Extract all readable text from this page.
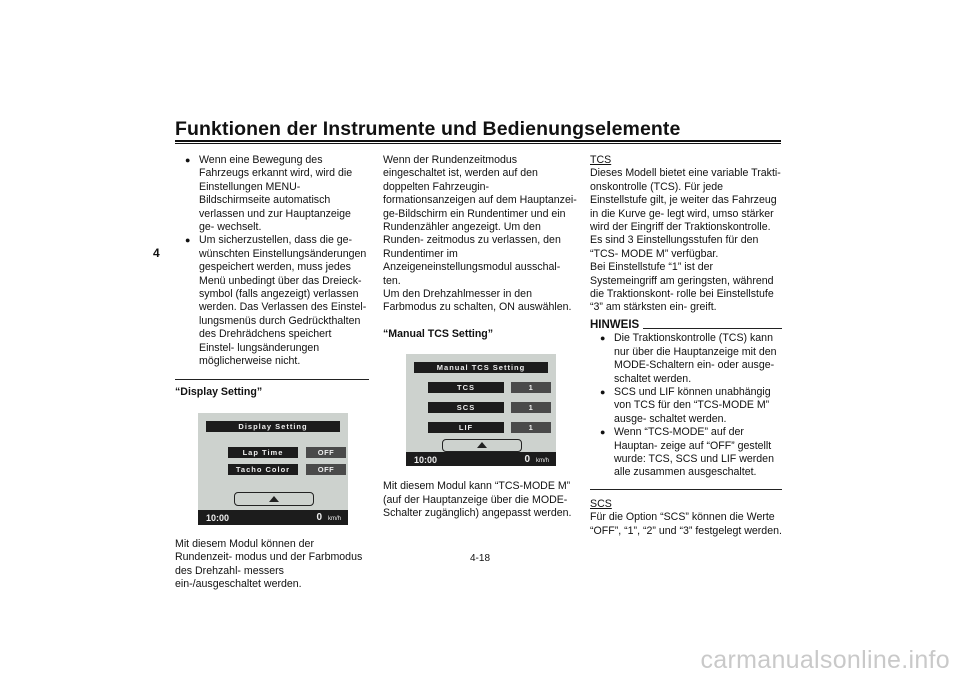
Funktionen der Instrumente und Bedienungselemente
4
● Wenn eine Bewegung des Fahrzeugs erkannt wird, wird die Einstellungen MENU-Bildschirmseite automatisch verlassen und zur Hauptanzeige ge- wechselt.
● Um sicherzustellen, dass die ge- wünschten Einstellungsänderungen gespeichert werden, muss jedes Menü unbedingt über das Dreieck- symbol (falls angezeigt) verlassen werden. Das Verlassen des Einstel- lungsmenüs durch Gedrückthalten des Drehrädchens speichert Einstel- lungsänderungen möglicherweise nicht.

“Display Setting”

Display Setting
Lap Time	OFF
Tacho Color	OFF
10:00	0 km/h

Mit diesem Modul können der Rundenzeit- modus und der Farbmodus des Drehzahl- messers ein-/ausgeschaltet werden.

Wenn der Rundenzeitmodus eingeschaltet ist, werden auf den doppelten Fahrzeugin- formationsanzeigen auf dem Hauptanzei- ge-Bildschirm ein Rundentimer und ein Rundenzähler angezeigt. Um den Runden- zeitmodus zu verlassen, den Rundentimer im Anzeigeneinstellungsmodul ausschal- ten.

Um den Drehzahlmesser in den Farbmodus zu schalten, ON auswählen.

“Manual TCS Setting”

Manual TCS Setting
TCS	1
SCS	1
LIF	1
10:00	0 km/h

Mit diesem Modul kann “TCS-MODE M” (auf der Hauptanzeige über die MODE- Schalter zugänglich) angepasst werden.

TCS

Dieses Modell bietet eine variable Trakti- onskontrolle (TCS). Für jede Einstellstufe gilt, je weiter das Fahrzeug in die Kurve ge- legt wird, umso stärker wird der Eingriff der Traktionskontrolle.

Es sind 3 Einstellungsstufen für den “TCS- MODE M” verfügbar.

Bei Einstellstufe “1” ist der Systemeingriff am geringsten, während die Traktionskont- rolle bei Einstellstufe “3” am stärksten ein- greift.

HINWEIS
● Die Traktionskontrolle (TCS) kann nur über die Hauptanzeige mit den MODE-Schaltern ein- oder ausge- schaltet werden.
● SCS und LIF können unabhängig von TCS für den “TCS-MODE M” ausge- schaltet werden.
● Wenn “TCS-MODE” auf der Hauptan- zeige auf “OFF” gestellt wurde: TCS, SCS und LIF werden alle zusammen ausgeschaltet.

SCS

Für die Option “SCS” können die Werte “OFF”, “1”, “2” und “3” festgelegt werden.

4-18
carmanualsonline.info
